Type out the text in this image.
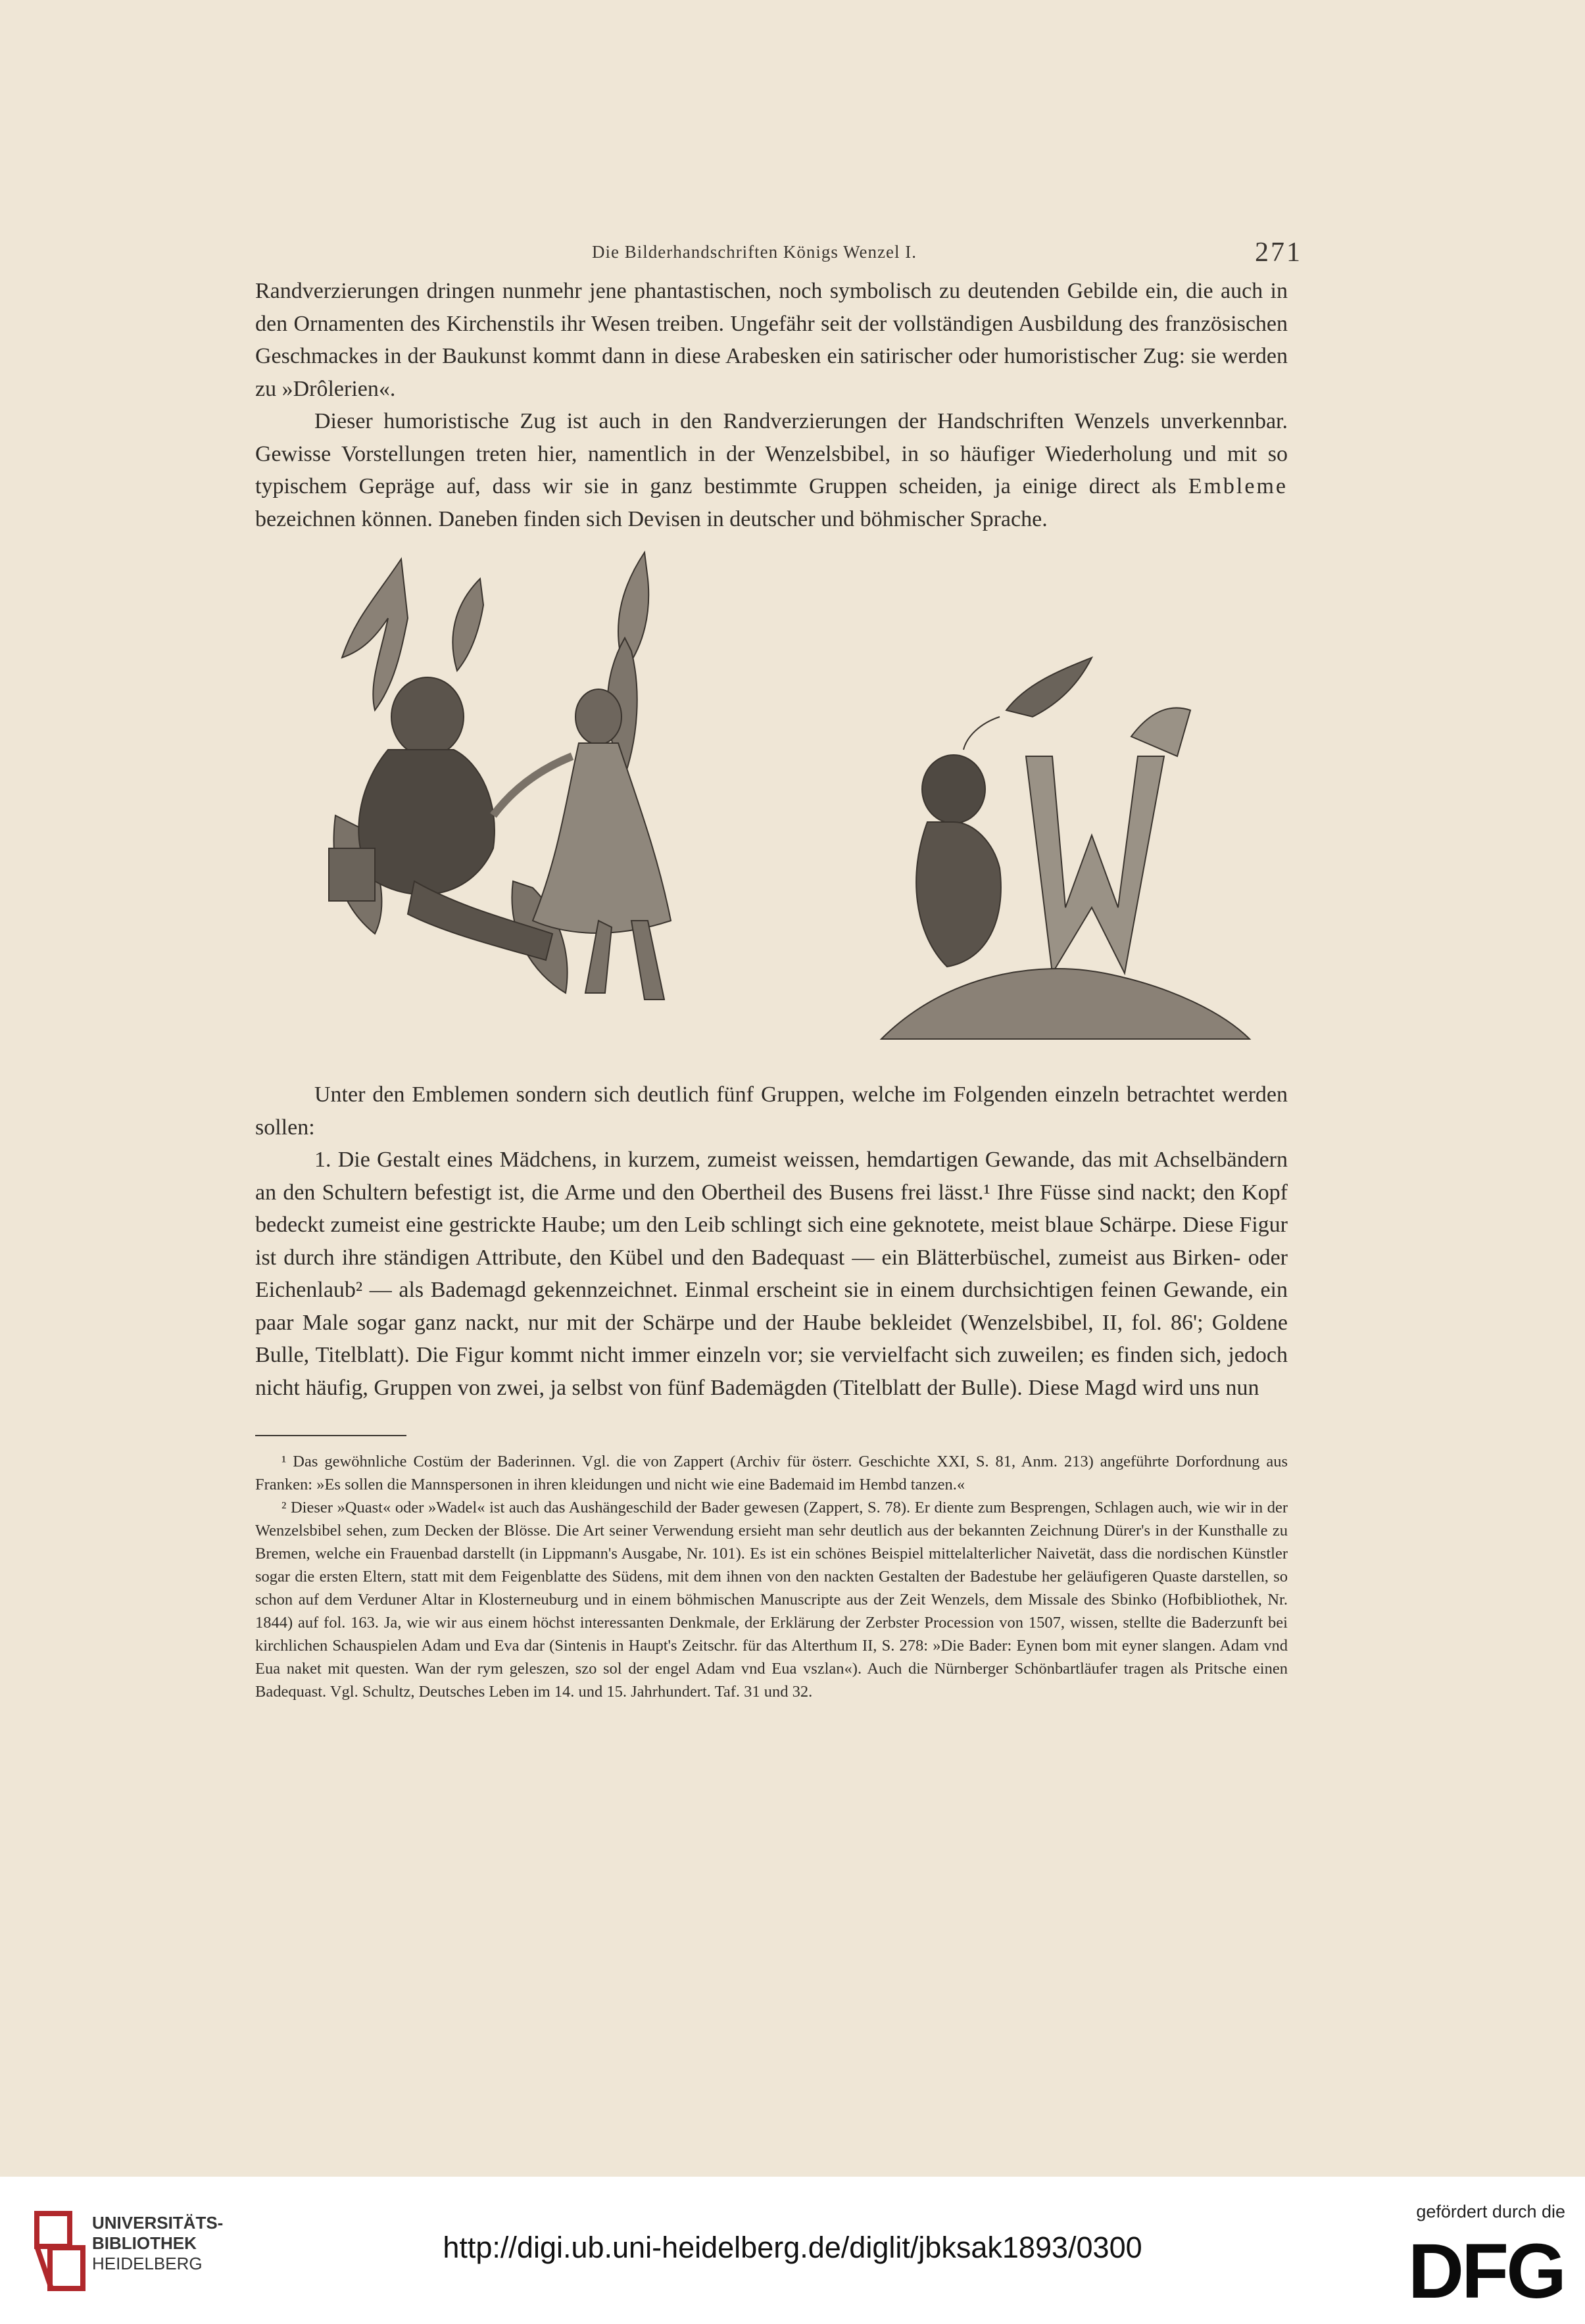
Die Bilderhandschriften Königs Wenzel I.	271

Randverzierungen dringen nunmehr jene phantastischen, noch symbolisch zu deutenden Gebilde ein, die auch in den Ornamenten des Kirchenstils ihr Wesen treiben. Ungefähr seit der vollständigen Ausbildung des französischen Geschmackes in der Baukunst kommt dann in diese Arabesken ein satirischer oder humoristischer Zug: sie werden zu »Drôlerien«.

Dieser humoristische Zug ist auch in den Randverzierungen der Handschriften Wenzels unverkennbar. Gewisse Vorstellungen treten hier, namentlich in der Wenzelsbibel, in so häufiger Wiederholung und mit so typischem Gepräge auf, dass wir sie in ganz bestimmte Gruppen scheiden, ja einige direct als Embleme bezeichnen können. Daneben finden sich Devisen in deutscher und böhmischer Sprache.

Unter den Emblemen sondern sich deutlich fünf Gruppen, welche im Folgenden einzeln betrachtet werden sollen:

1. Die Gestalt eines Mädchens, in kurzem, zumeist weissen, hemdartigen Gewande, das mit Achselbändern an den Schultern befestigt ist, die Arme und den Obertheil des Busens frei lässt.¹ Ihre Füsse sind nackt; den Kopf bedeckt zumeist eine gestrickte Haube; um den Leib schlingt sich eine geknotete, meist blaue Schärpe. Diese Figur ist durch ihre ständigen Attribute, den Kübel und den Badequast — ein Blätterbüschel, zumeist aus Birken- oder Eichenlaub² — als Bademagd gekennzeichnet. Einmal erscheint sie in einem durchsichtigen feinen Gewande, ein paar Male sogar ganz nackt, nur mit der Schärpe und der Haube bekleidet (Wenzelsbibel, II, fol. 86'; Goldene Bulle, Titelblatt). Die Figur kommt nicht immer einzeln vor; sie vervielfacht sich zuweilen; es finden sich, jedoch nicht häufig, Gruppen von zwei, ja selbst von fünf Bademägden (Titelblatt der Bulle). Diese Magd wird uns nun

¹ Das gewöhnliche Costüm der Baderinnen. Vgl. die von Zappert (Archiv für österr. Geschichte XXI, S. 81, Anm. 213) angeführte Dorfordnung aus Franken: »Es sollen die Mannspersonen in ihren kleidungen und nicht wie eine Bademaid im Hembd tanzen.«

² Dieser »Quast« oder »Wadel« ist auch das Aushängeschild der Bader gewesen (Zappert, S. 78). Er diente zum Besprengen, Schlagen auch, wie wir in der Wenzelsbibel sehen, zum Decken der Blösse. Die Art seiner Verwendung ersieht man sehr deutlich aus der bekannten Zeichnung Dürer's in der Kunsthalle zu Bremen, welche ein Frauenbad darstellt (in Lippmann's Ausgabe, Nr. 101). Es ist ein schönes Beispiel mittelalterlicher Naivetät, dass die nordischen Künstler sogar die ersten Eltern, statt mit dem Feigenblatte des Südens, mit dem ihnen von den nackten Gestalten der Badestube her geläufigeren Quaste darstellen, so schon auf dem Verduner Altar in Klosterneuburg und in einem böhmischen Manuscripte aus der Zeit Wenzels, dem Missale des Sbinko (Hofbibliothek, Nr. 1844) auf fol. 163. Ja, wie wir aus einem höchst interessanten Denkmale, der Erklärung der Zerbster Procession von 1507, wissen, stellte die Baderzunft bei kirchlichen Schauspielen Adam und Eva dar (Sintenis in Haupt's Zeitschr. für das Alterthum II, S. 278: »Die Bader: Eynen bom mit eyner slangen. Adam vnd Eua naket mit questen. Wan der rym geleszen, szo sol der engel Adam vnd Eua vszlan«). Auch die Nürnberger Schönbartläufer tragen als Pritsche einen Badequast. Vgl. Schultz, Deutsches Leben im 14. und 15. Jahrhundert. Taf. 31 und 32.

UNIVERSITÄTS-
BIBLIOTHEK
HEIDELBERG	http://digi.ub.uni-heidelberg.de/diglit/jbksak1893/0300
gefördert durch die
DFG
